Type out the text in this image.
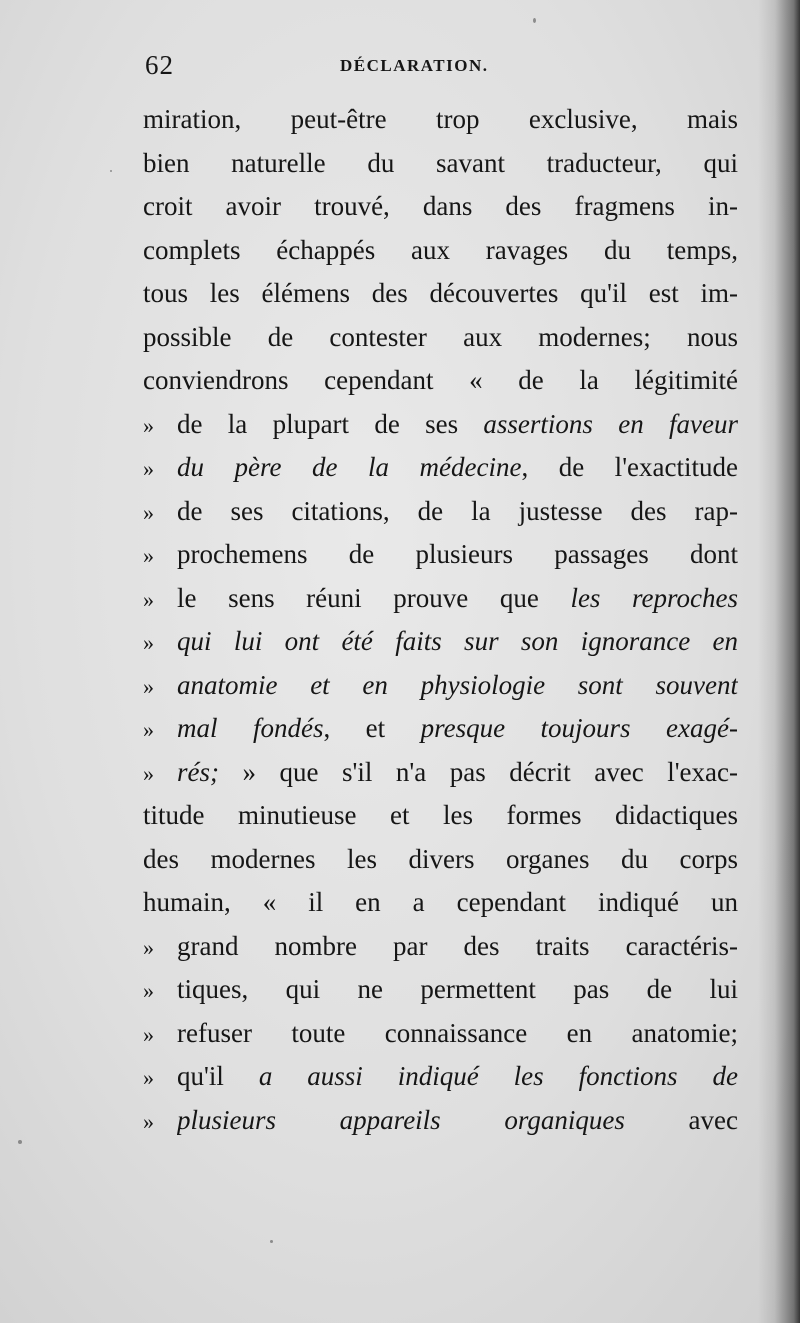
62	DÉCLARATION.
miration, peut-être trop exclusive, mais
bien naturelle du savant traducteur, qui
croit avoir trouvé, dans des fragmens in-
complets échappés aux ravages du temps,
tous les élémens des découvertes qu'il est im-
possible de contester aux modernes; nous
conviendrons cependant « de la légitimité
» de la plupart de ses assertions en faveur
» du père de la médecine, de l'exactitude
» de ses citations, de la justesse des rap-
» prochemens de plusieurs passages dont
» le sens réuni prouve que les reproches
» qui lui ont été faits sur son ignorance en
» anatomie et en physiologie sont souvent
» mal fondés, et presque toujours exagé-
» rés; » que s'il n'a pas décrit avec l'exac-
titude minutieuse et les formes didactiques
des modernes les divers organes du corps
humain, « il en a cependant indiqué un
» grand nombre par des traits caractéris-
» tiques, qui ne permettent pas de lui
» refuser toute connaissance en anatomie;
» qu'il a aussi indiqué les fonctions de
» plusieurs appareils organiques avec
